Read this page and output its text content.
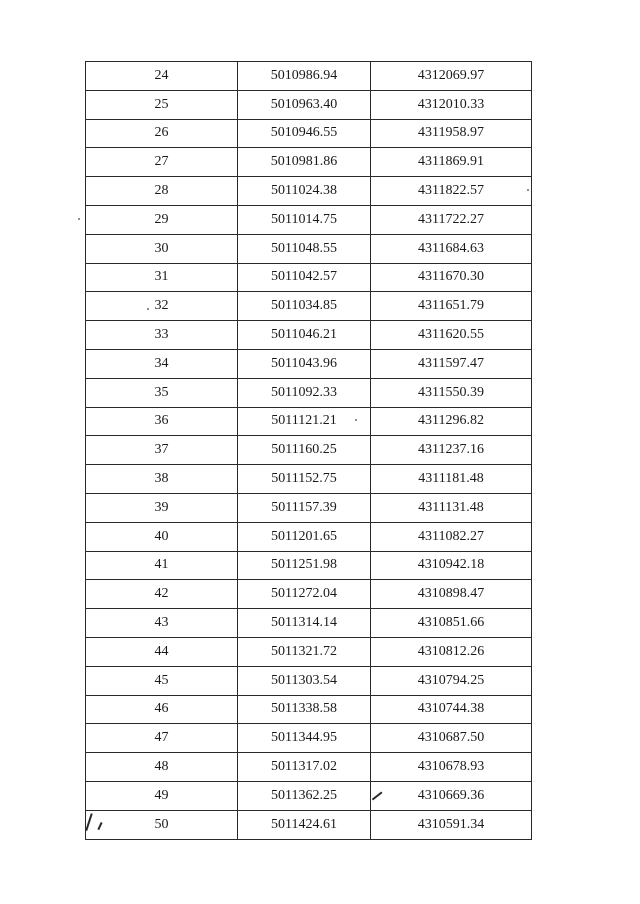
24	5010986.94	4312069.97
25	5010963.40	4312010.33
26	5010946.55	4311958.97
27	5010981.86	4311869.91
28	5011024.38	4311822.57
29	5011014.75	4311722.27
30	5011048.55	4311684.63
31	5011042.57	4311670.30
32	5011034.85	4311651.79
33	5011046.21	4311620.55
34	5011043.96	4311597.47
35	5011092.33	4311550.39
36	5011121.21	4311296.82
37	5011160.25	4311237.16
38	5011152.75	4311181.48
39	5011157.39	4311131.48
40	5011201.65	4311082.27
41	5011251.98	4310942.18
42	5011272.04	4310898.47
43	5011314.14	4310851.66
44	5011321.72	4310812.26
45	5011303.54	4310794.25
46	5011338.58	4310744.38
47	5011344.95	4310687.50
48	5011317.02	4310678.93
49	5011362.25	4310669.36
50	5011424.61	4310591.34
